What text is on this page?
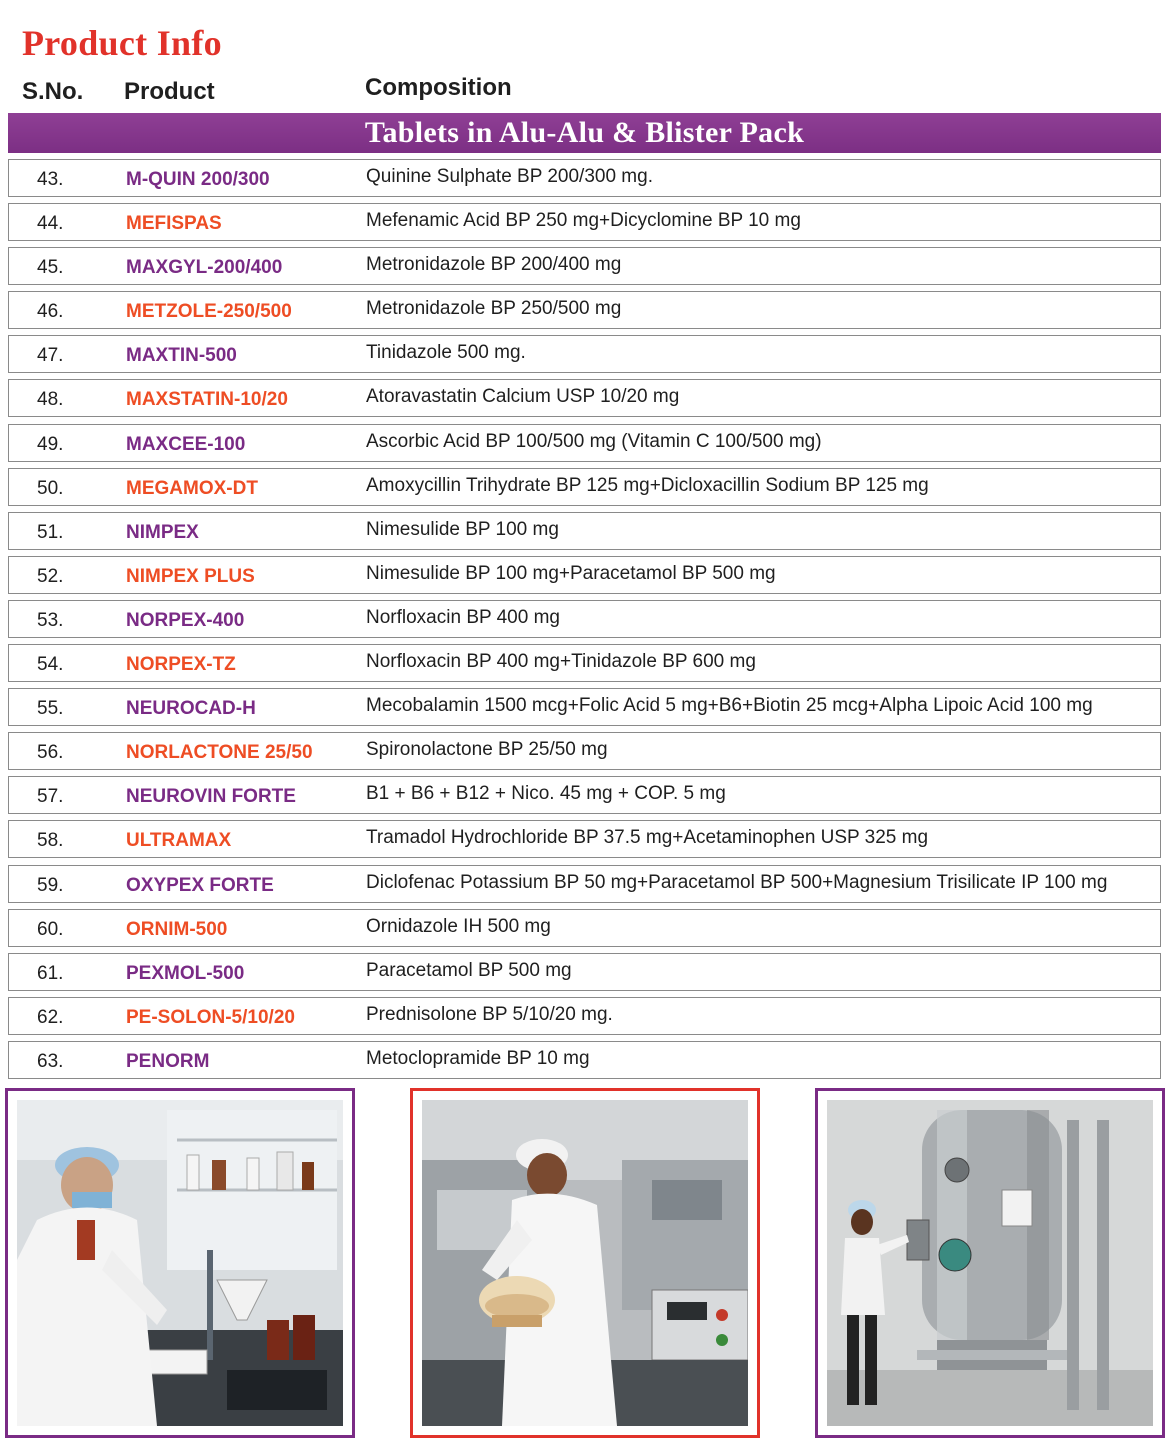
Product Info
S.No. Product	Composition
Tablets in Alu-Alu & Blister Pack
43.	M-QUIN 200/300	Quinine Sulphate BP 200/300 mg.
44.	MEFISPAS	Mefenamic Acid BP 250 mg+Dicyclomine BP 10 mg
45.	MAXGYL-200/400	Metronidazole BP 200/400 mg
46.	METZOLE-250/500	Metronidazole BP 250/500 mg
47.	MAXTIN-500	Tinidazole 500 mg.
48.	MAXSTATIN-10/20	Atoravastatin Calcium USP 10/20 mg
49.	MAXCEE-100	Ascorbic Acid BP 100/500 mg (Vitamin C 100/500 mg)
50.	MEGAMOX-DT	Amoxycillin Trihydrate BP 125 mg+Dicloxacillin Sodium BP 125 mg
51.	NIMPEX	Nimesulide BP 100 mg
52.	NIMPEX PLUS	Nimesulide BP 100 mg+Paracetamol BP 500 mg
53.	NORPEX-400	Norfloxacin BP 400 mg
54.	NORPEX-TZ	Norfloxacin BP 400 mg+Tinidazole BP 600 mg
55.	NEUROCAD-H	Mecobalamin 1500 mcg+Folic Acid 5 mg+B6+Biotin 25 mcg+Alpha Lipoic Acid 100 mg
56.	NORLACTONE 25/50	Spironolactone BP 25/50 mg
57.	NEUROVIN FORTE	B1 + B6 + B12 + Nico. 45 mg + COP. 5 mg
58.	ULTRAMAX	Tramadol Hydrochloride BP 37.5 mg+Acetaminophen USP 325 mg
59.	OXYPEX FORTE	Diclofenac Potassium BP 50 mg+Paracetamol BP 500+Magnesium Trisilicate IP 100 mg
60.	ORNIM-500	Ornidazole IH 500 mg
61.	PEXMOL-500	Paracetamol BP 500 mg
62.	PE-SOLON-5/10/20	Prednisolone BP 5/10/20 mg.
63.	PENORM	Metoclopramide BP 10 mg
